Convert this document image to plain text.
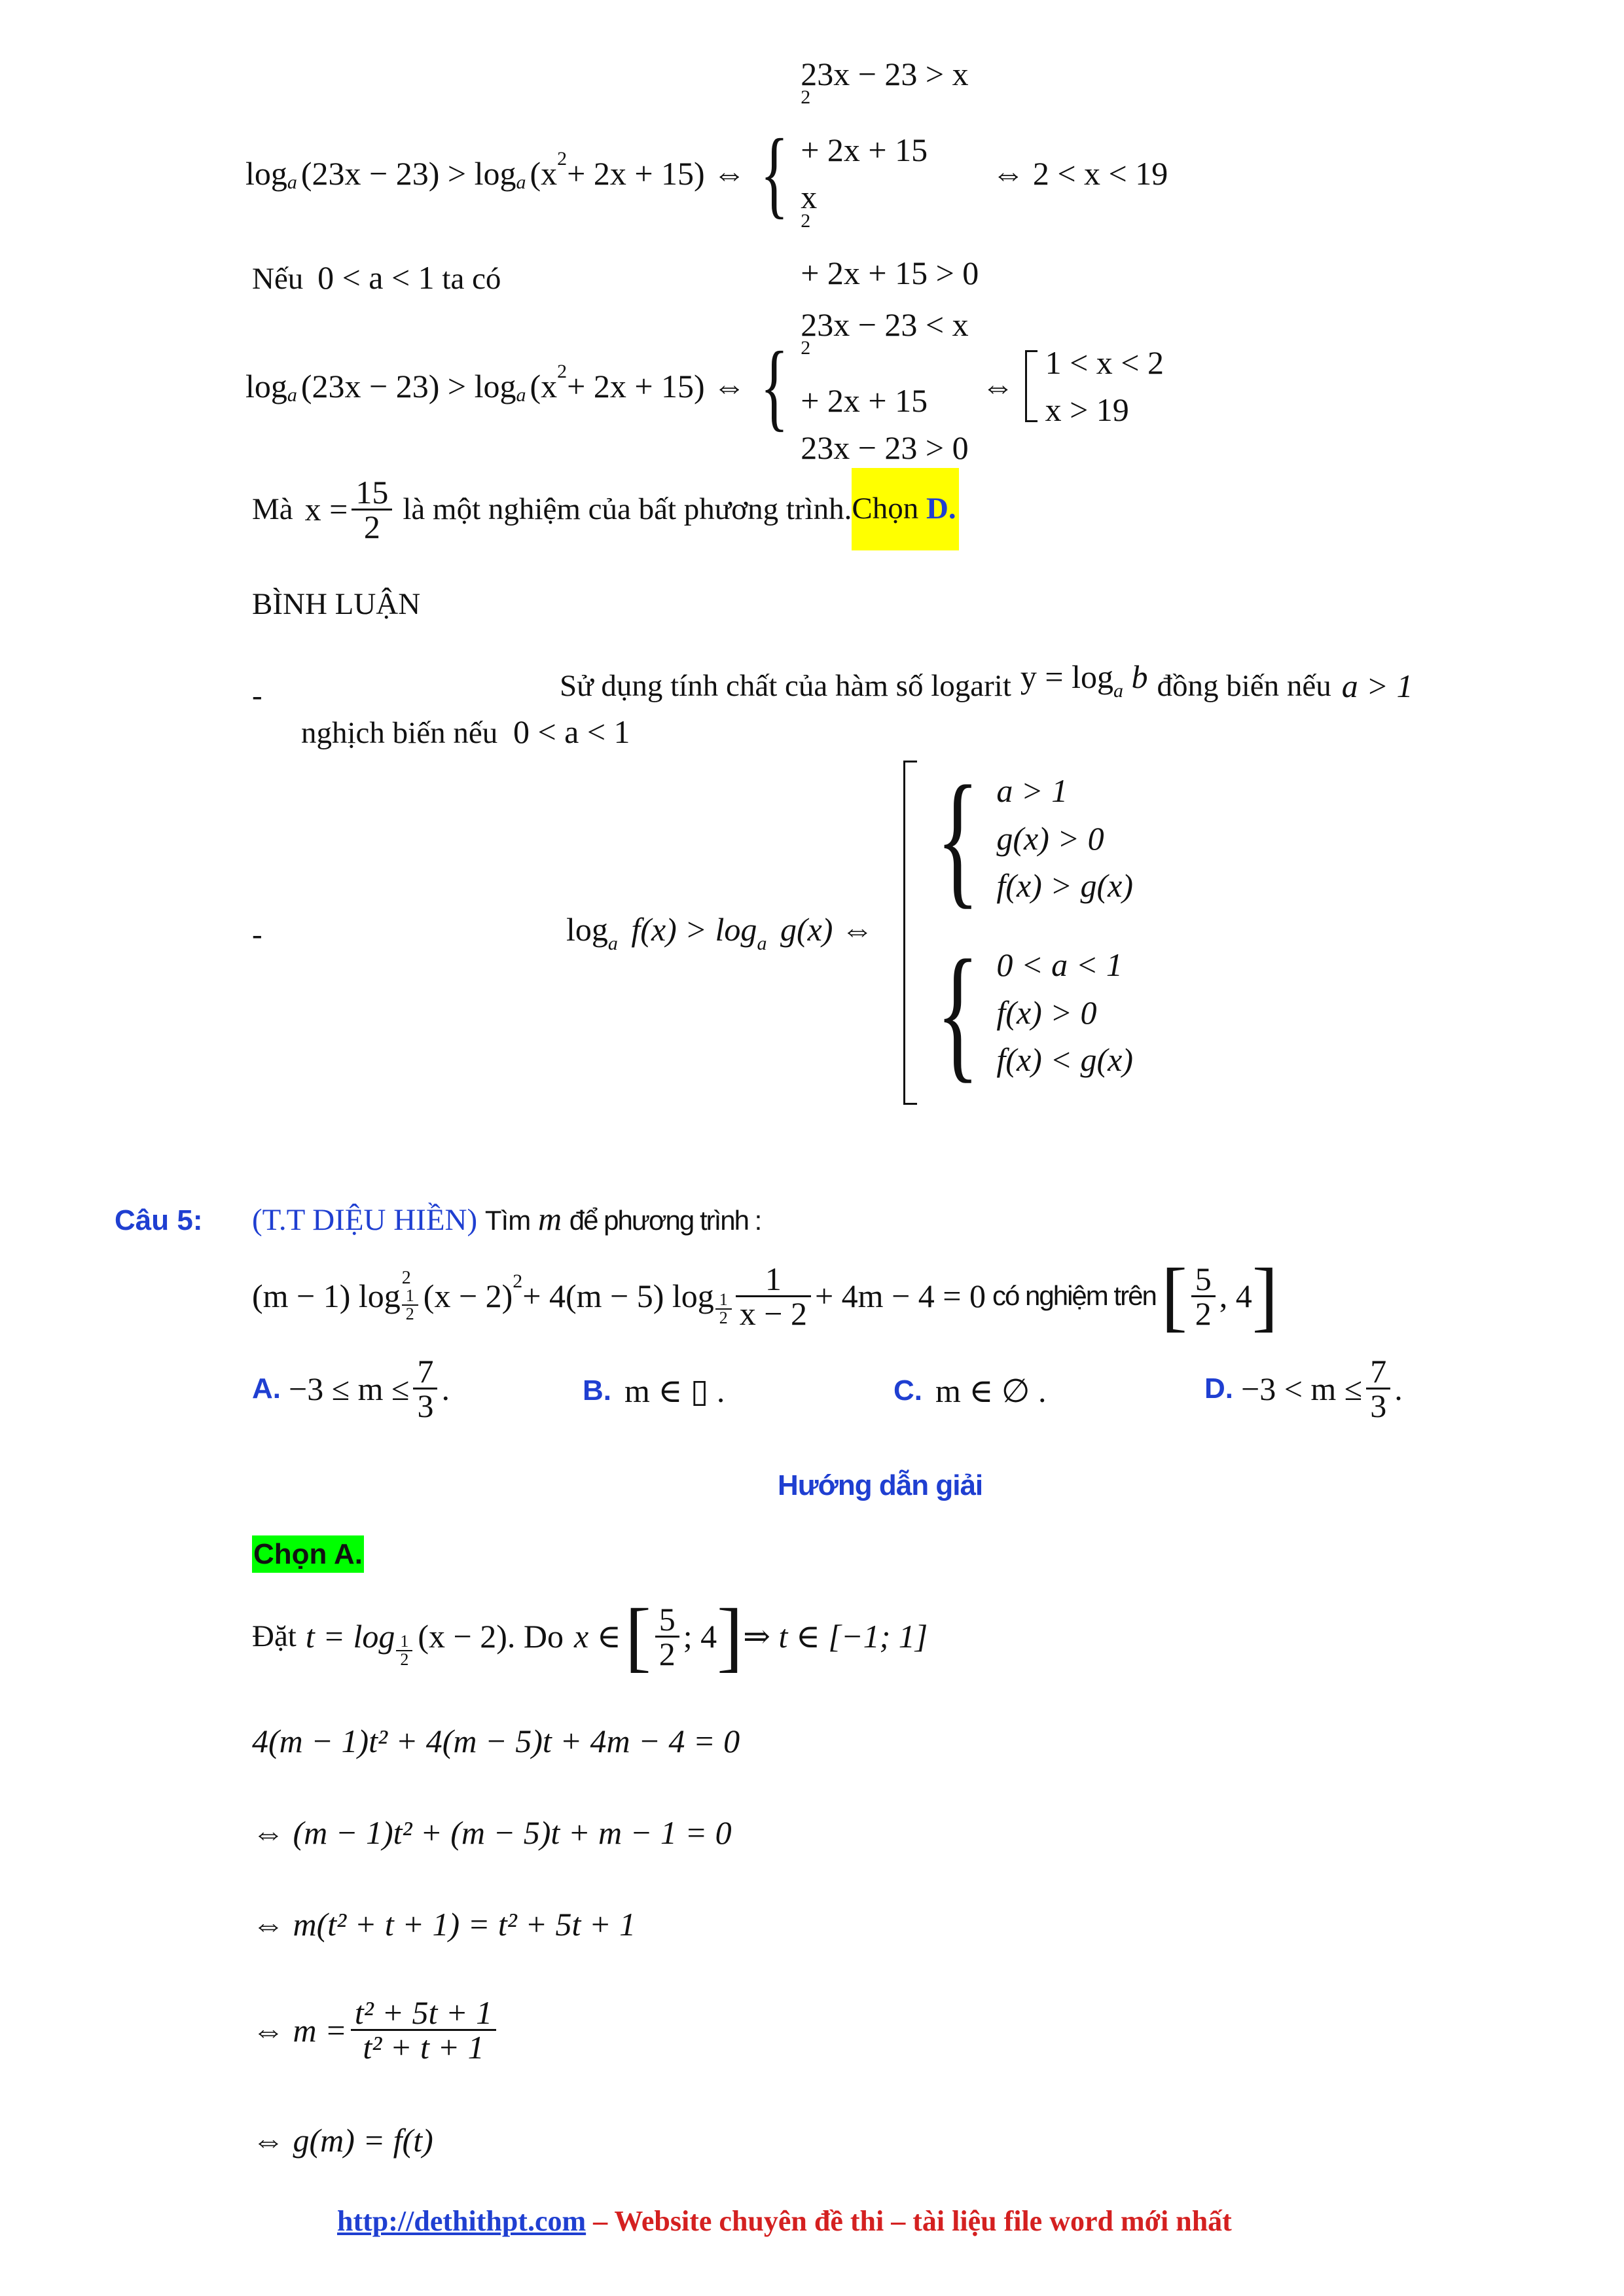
log a (23x − 23) > log a (x 2 + 2x + 15) ⇔ {
23x − 23 > x
2
+ 2x + 15
x
2
+ 2x + 15 > 0
⇔ 2 < x < 19
Nếu 0 < a < 1 ta có
log a (23x − 23) > log a (x 2 + 2x + 15) ⇔ {
23x − 23 < x
2
+ 2x + 15
23x − 23 > 0
⇔
1 < x < 2
x > 19
Mà $x = \frac{15}{2}$ là một nghiệm của bất phương trình. Chọn D.
BÌNH LUẬN
-	Sử dụng tính chất của hàm số logarit $y = \log_a b$ đồng biến nếu a > 1
nghịch biến nếu 0 < a < 1
-	$\log_a f(x) > \log_a g(x)$ ⇔
{ a > 1
g(x) > 0
f(x) > g(x)
{ 0 < a < 1
f(x) > 0
f(x) < g(x)
Câu 5: (T.T DIỆU HIỀN) Tìm m để phương trình :
(m − 1) log 2
$\frac{1}{2} (x - 2) 2 + 4(m - 5)$ $\log \frac{1}{2} \frac{1}{x - 2} + 4m - 4 = 0$ có nghiệm trên [ $\frac{5}{2}$ , 4 ]
A. $-3 \le m \le \frac{7}{3}$ .	B. m ∈ ▯ .	C. m ∈ ∅ .	D. $-3 < m \le \frac{7}{3}$ .
Hướng dẫn giải
Chọn A.
Đặt $t = \log \frac{1}{2} (x - 2)$. Do x ∈ [ $\frac{5}{2}$ ; 4 ] ⇒ t ∈ [−1; 1]
4(m − 1)t² + 4(m − 5)t + 4m − 4 = 0
⇔ (m − 1)t² + (m − 5)t + m − 1 = 0
⇔ m(t² + t + 1) = t² + 5t + 1
⇔ $m = \frac{\text{t² + 5t + 1}}{\text{t² + t + 1}}$
⇔ g(m) = f(t)
http://dethithpt.com – Website chuyên đề thi – tài liệu file word mới nhất
